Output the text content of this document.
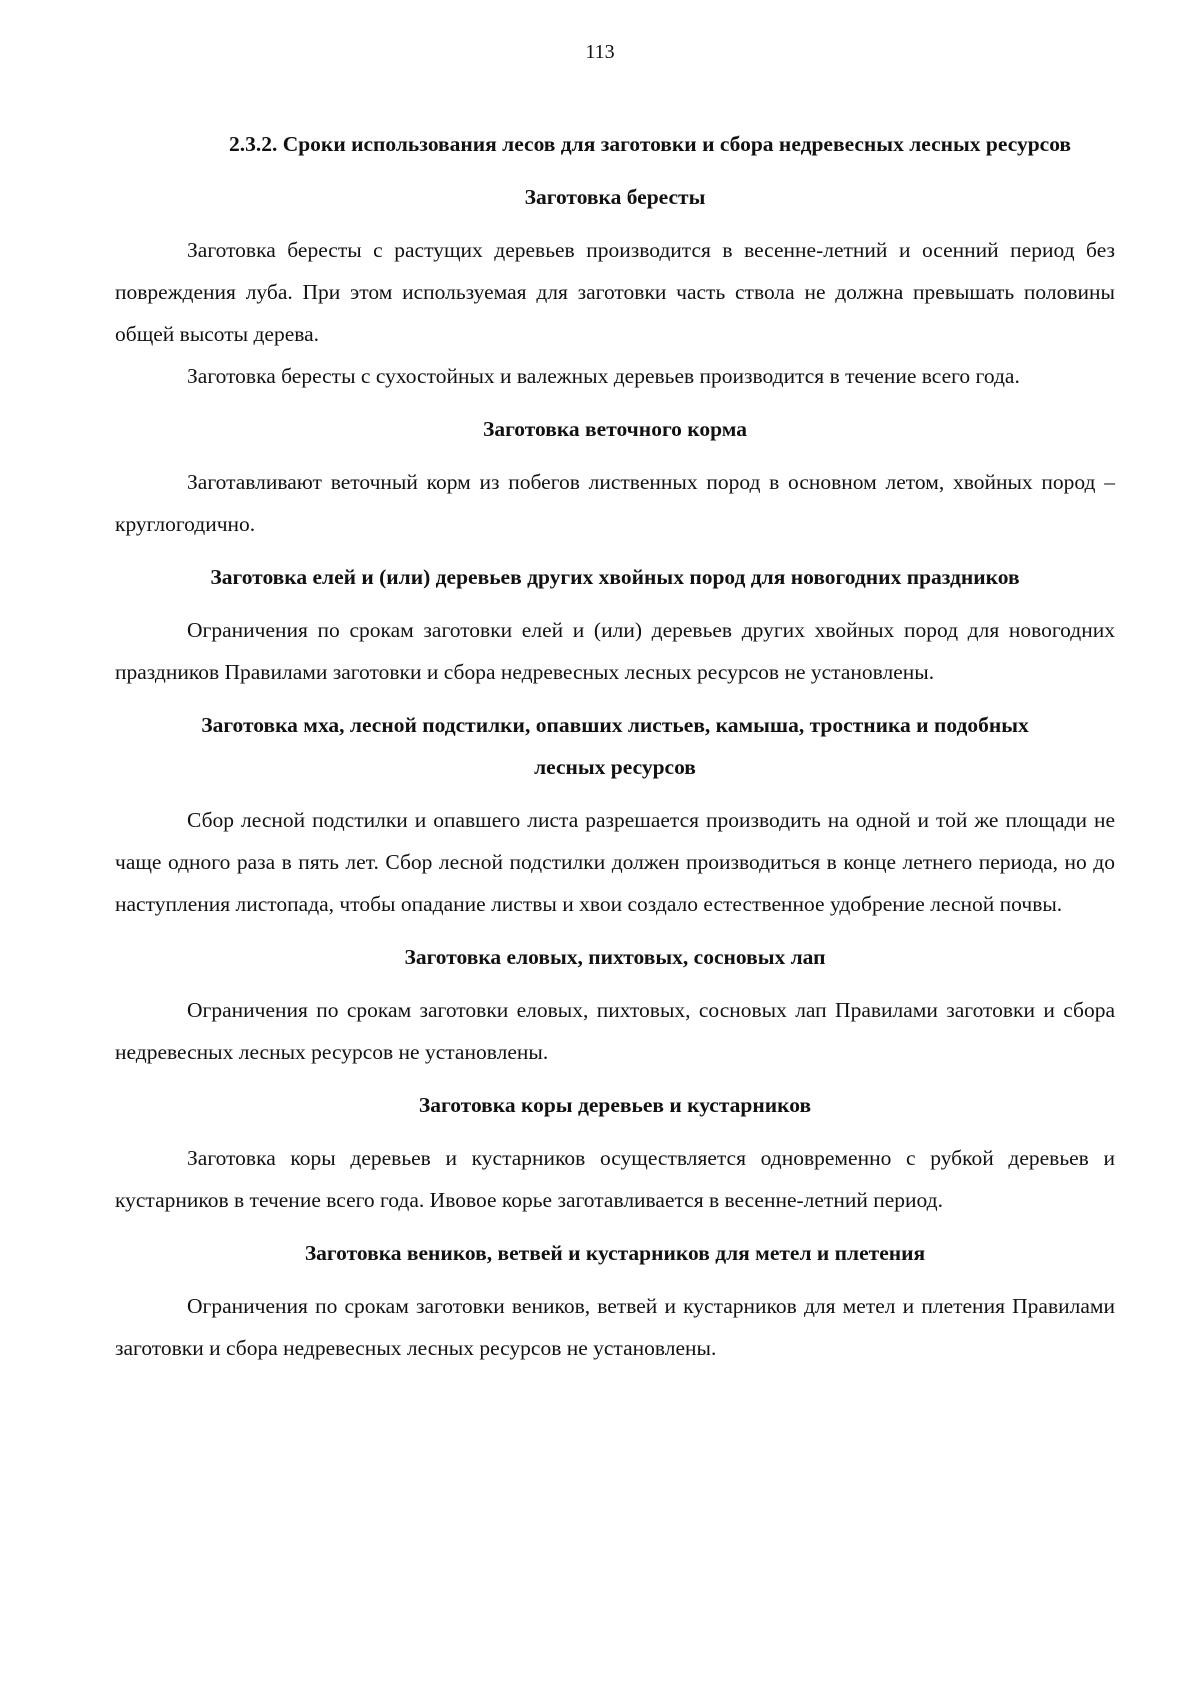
113
2.3.2. Сроки использования лесов для заготовки и сбора недревесных лесных ресурсов
Заготовка бересты

Заготовка бересты с растущих деревьев производится в весенне-летний и осенний период без повреждения луба. При этом используемая для заготовки часть ствола не должна превышать половины общей высоты дерева.

Заготовка бересты с сухостойных и валежных деревьев производится в течение всего года.

Заготовка веточного корма

Заготавливают веточный корм из побегов лиственных пород в основном летом, хвойных пород – круглогодично.

Заготовка елей и (или) деревьев других хвойных пород для новогодних праздников

Ограничения по срокам заготовки елей и (или) деревьев других хвойных пород для новогодних праздников Правилами заготовки и сбора недревесных лесных ресурсов не установлены.

Заготовка мха, лесной подстилки, опавших листьев, камыша, тростника и подобных лесных ресурсов

Сбор лесной подстилки и опавшего листа разрешается производить на одной и той же площади не чаще одного раза в пять лет. Сбор лесной подстилки должен производиться в конце летнего периода, но до наступления листопада, чтобы опадание листвы и хвои создало естественное удобрение лесной почвы.

Заготовка еловых, пихтовых, сосновых лап

Ограничения по срокам заготовки еловых, пихтовых, сосновых лап Правилами заготовки и сбора недревесных лесных ресурсов не установлены.

Заготовка коры деревьев и кустарников

Заготовка коры деревьев и кустарников осуществляется одновременно с рубкой деревьев и кустарников в течение всего года. Ивовое корье заготавливается в весенне-летний период.

Заготовка веников, ветвей и кустарников для метел и плетения

Ограничения по срокам заготовки веников, ветвей и кустарников для метел и плетения Правилами заготовки и сбора недревесных лесных ресурсов не установлены.
